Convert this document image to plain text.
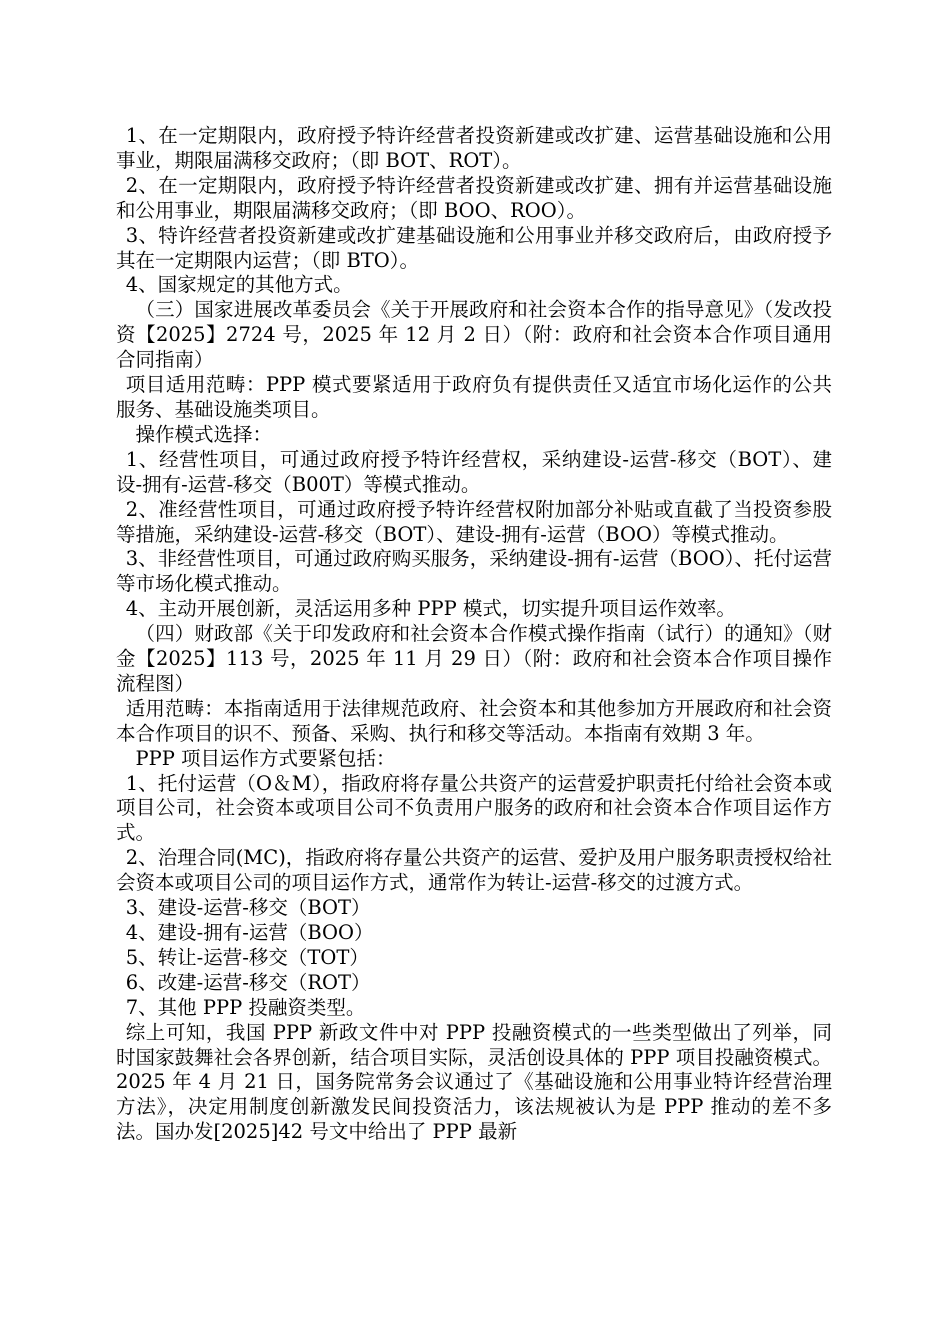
1、在一定期限内，政府授予特许经营者投资新建或改扩建、运营基础设施和公用事业，期限届满移交政府；（即 BOT、ROT）。

2、在一定期限内，政府授予特许经营者投资新建或改扩建、拥有并运营基础设施和公用事业，期限届满移交政府；（即 BOO、ROO）。

3、特许经营者投资新建或改扩建基础设施和公用事业并移交政府后，由政府授予其在一定期限内运营；（即 BTO）。

4、国家规定的其他方式。

（三）国家进展改革委员会《关于开展政府和社会资本合作的指导意见》（发改投资【2025】2724 号，2025 年 12 月 2 日）（附：政府和社会资本合作项目通用合同指南）

项目适用范畴：PPP 模式要紧适用于政府负有提供责任又适宜市场化运作的公共服务、基础设施类项目。

操作模式选择：

1、经营性项目，可通过政府授予特许经营权，采纳建设-运营-移交（BOT）、建设-拥有-运营-移交（B00T）等模式推动。

2、准经营性项目，可通过政府授予特许经营权附加部分补贴或直截了当投资参股等措施，采纳建设-运营-移交（BOT）、建设-拥有-运营（BOO）等模式推动。

3、非经营性项目，可通过政府购买服务，采纳建设-拥有-运营（BOO）、托付运营等市场化模式推动。

4、主动开展创新，灵活运用多种 PPP 模式，切实提升项目运作效率。

（四）财政部《关于印发政府和社会资本合作模式操作指南（试行）的通知》（财金【2025】113 号，2025 年 11 月 29 日）（附：政府和社会资本合作项目操作流程图）

适用范畴：本指南适用于法律规范政府、社会资本和其他参加方开展政府和社会资本合作项目的识不、预备、采购、执行和移交等活动。本指南有效期 3 年。

PPP 项目运作方式要紧包括：

1、托付运营（O＆M），指政府将存量公共资产的运营爱护职责托付给社会资本或项目公司，社会资本或项目公司不负责用户服务的政府和社会资本合作项目运作方式。

2、治理合同(MC)，指政府将存量公共资产的运营、爱护及用户服务职责授权给社会资本或项目公司的项目运作方式，通常作为转让-运营-移交的过渡方式。

3、建设-运营-移交（BOT）

4、建设-拥有-运营（BOO）

5、转让-运营-移交（TOT）

6、改建-运营-移交（ROT）

7、其他 PPP 投融资类型。

综上可知，我国 PPP 新政文件中对 PPP 投融资模式的一些类型做出了列举，同时国家鼓舞社会各界创新，结合项目实际，灵活创设具体的 PPP 项目投融资模式。2025 年 4 月 21 日，国务院常务会议通过了《基础设施和公用事业特许经营治理方法》，决定用制度创新激发民间投资活力，该法规被认为是 PPP 推动的差不多法。国办发[2025]42 号文中给出了 PPP 最新
